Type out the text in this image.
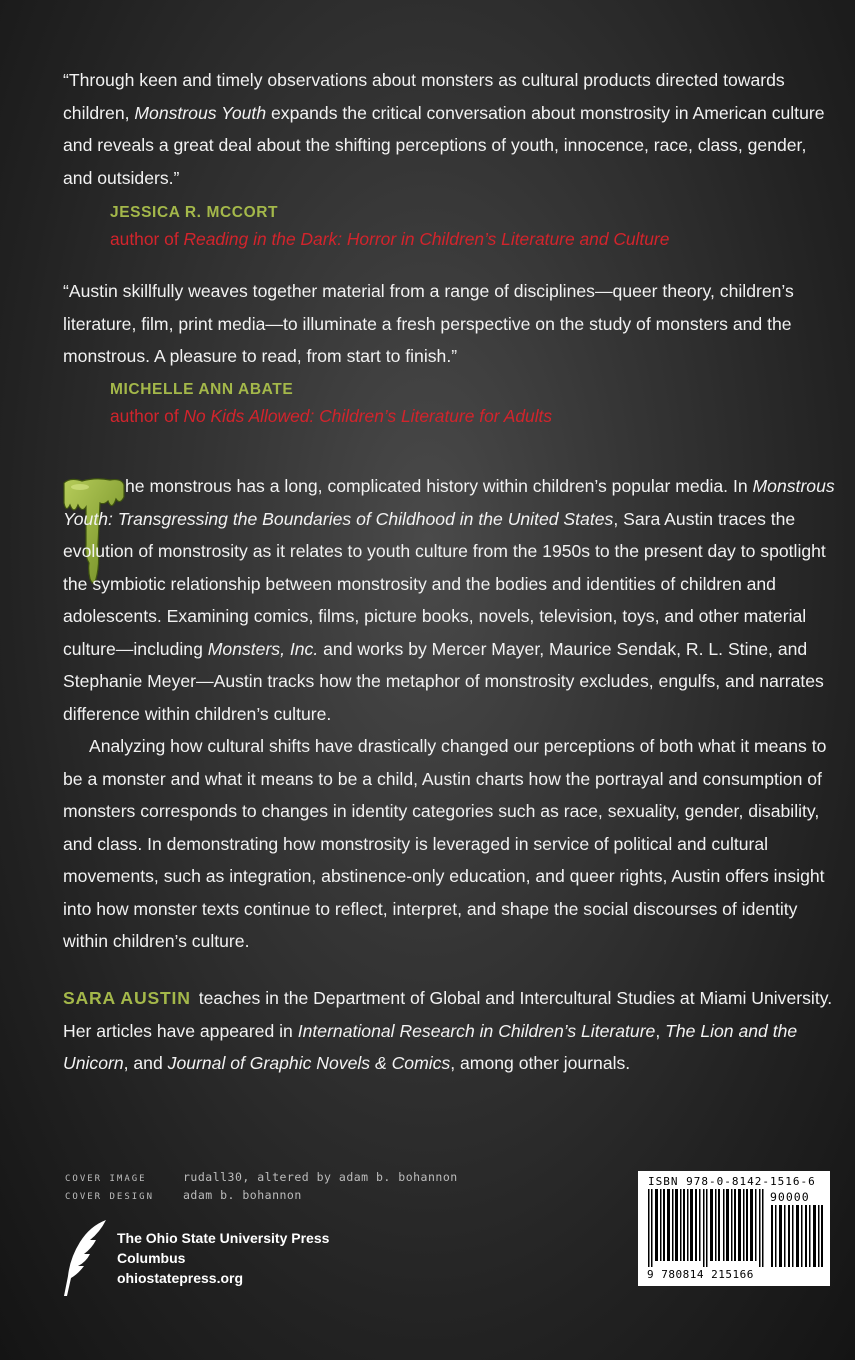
“Through keen and timely observations about monsters as cultural products directed towards children, Monstrous Youth expands the critical conversation about monstrosity in American culture and reveals a great deal about the shifting perceptions of youth, innocence, race, class, gender, and outsiders.”

JESSICA R. MCCORT
author of Reading in the Dark: Horror in Children’s Literature and Culture

“Austin skillfully weaves together material from a range of disciplines—queer theory, children’s literature, film, print media—to illuminate a fresh perspective on the study of monsters and the monstrous. A pleasure to read, from start to finish.”

MICHELLE ANN ABATE
author of No Kids Allowed: Children’s Literature for Adults

he monstrous has a long, complicated history within children’s popular media. In Monstrous Youth: Transgressing the Boundaries of Childhood in the United States, Sara Austin traces the evolution of monstrosity as it relates to youth culture from the 1950s to the present day to spotlight the symbiotic relationship between monstrosity and the bodies and identities of children and adolescents. Examining comics, films, picture books, novels, television, toys, and other material culture—including Monsters, Inc. and works by Mercer Mayer, Maurice Sendak, R. L. Stine, and Stephanie Meyer—Austin tracks how the metaphor of monstrosity excludes, engulfs, and narrates difference within children’s culture.

Analyzing how cultural shifts have drastically changed our perceptions of both what it means to be a monster and what it means to be a child, Austin charts how the portrayal and consumption of monsters corresponds to changes in identity categories such as race, sexuality, gender, disability, and class. In demonstrating how monstrosity is leveraged in service of political and cultural movements, such as integration, abstinence-only education, and queer rights, Austin offers insight into how monster texts continue to reflect, interpret, and shape the social discourses of identity within children’s culture.

SARA AUSTIN teaches in the Department of Global and Intercultural Studies at Miami University. Her articles have appeared in International Research in Children’s Literature, The Lion and the Unicorn, and Journal of Graphic Novels & Comics, among other journals.

COVER IMAGE	rudall30, altered by adam b. bohannon
COVER DESIGN	adam b. bohannon
The Ohio State University Press
Columbus
ohiostatepress.org
ISBN 978-0-8142-1516-6
90000
9 780814 215166
